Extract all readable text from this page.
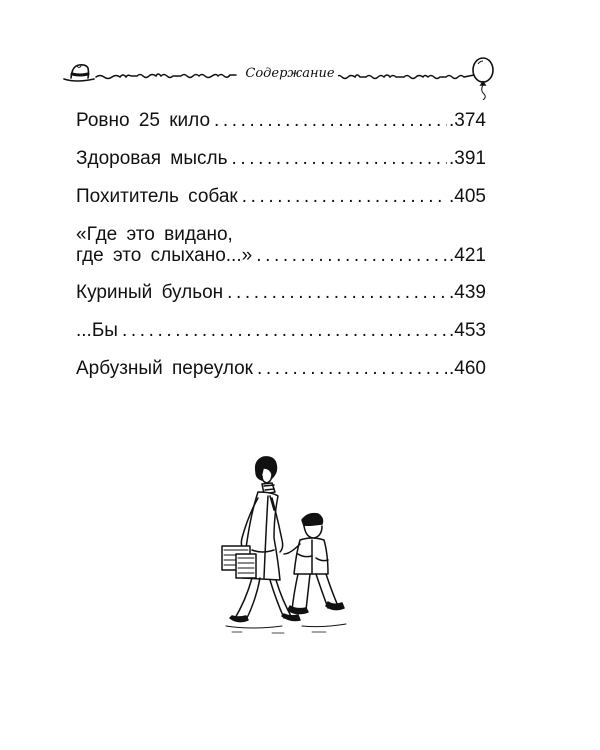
Содержание
Ровно 25 кило .....	.374
Здоровая мысль .....	.391
Похититель собак .....	.405
«Где это видано,
где это слыхано...» .....	.421
Куриный бульон .....	.439
...Бы .....	.453
Арбузный переулок .....	.460
